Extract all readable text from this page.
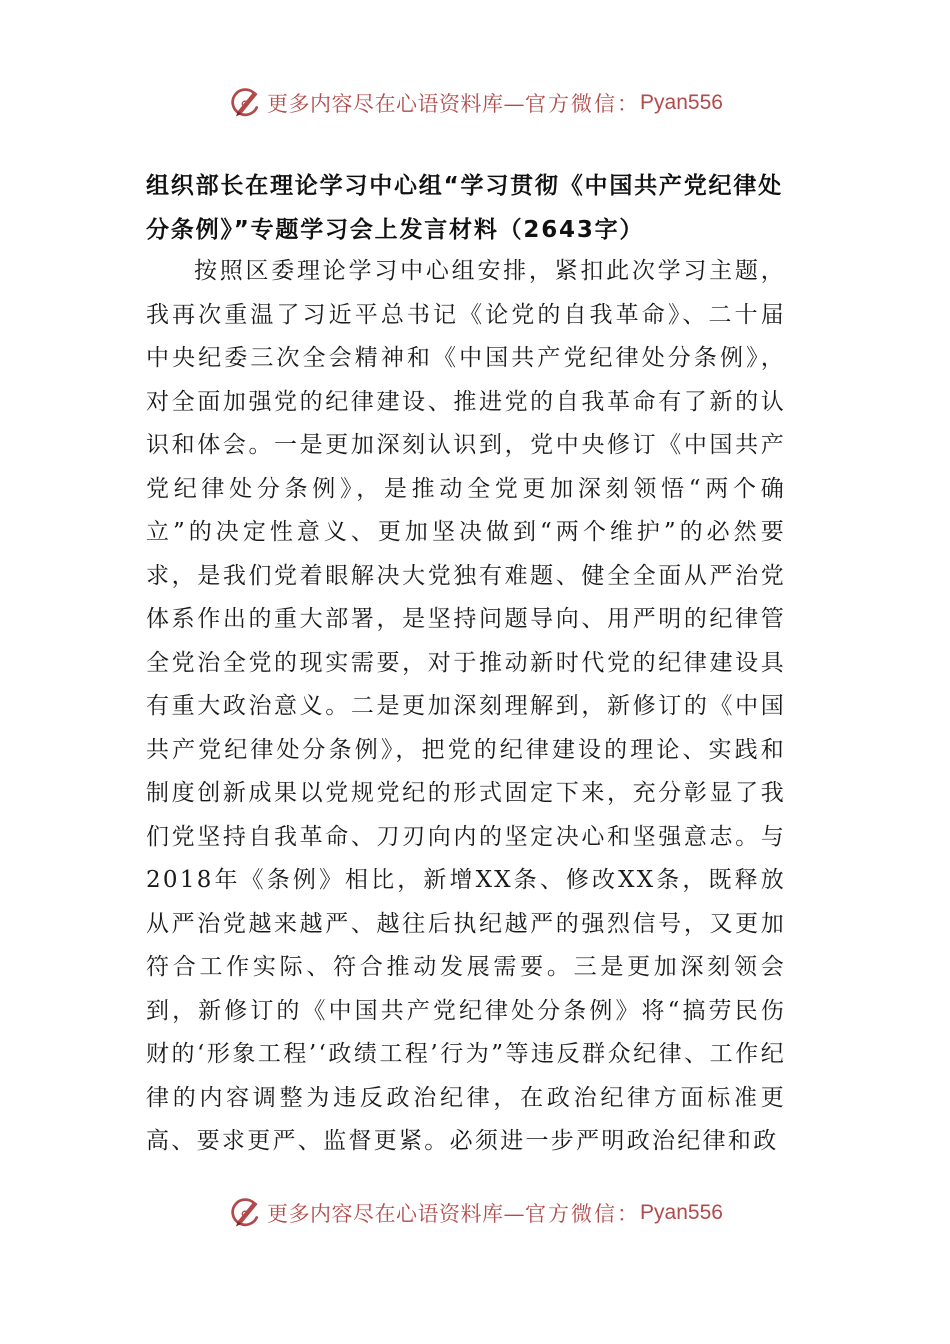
更多内容尽在心语资料库— 官方微信： Pyan556
组织部长在理论学习中心组“学习贯彻《中国共产党纪律处分条例》”专题学习会上发言材料（2643字）

按照区委理论学习中心组安排，紧扣此次学习主题，我再次重温了习近平总书记《论党的自我革命》、二十届中央纪委三次全会精神和《中国共产党纪律处分条例》，对全面加强党的纪律建设、推进党的自我革命有了新的认识和体会。一是更加深刻认识到，党中央修订《中国共产党纪律处分条例》，是推动全党更加深刻领悟“两个确立”的决定性意义、更加坚决做到“两个维护”的必然要求，是我们党着眼解决大党独有难题、健全全面从严治党体系作出的重大部署，是坚持问题导向、用严明的纪律管全党治全党的现实需要，对于推动新时代党的纪律建设具有重大政治意义。二是更加深刻理解到，新修订的《中国共产党纪律处分条例》，把党的纪律建设的理论、实践和制度创新成果以党规党纪的形式固定下来，充分彰显了我们党坚持自我革命、刀刃向内的坚定决心和坚强意志。与2018年《条例》相比，新增XX条、修改XX条，既释放从严治党越来越严、越往后执纪越严的强烈信号，又更加符合工作实际、符合推动发展需要。三是更加深刻领会到，新修订的《中国共产党纪律处分条例》将“搞劳民伤财的‘形象工程’‘政绩工程’行为”等违反群众纪律、工作纪律的内容调整为违反政治纪律，在政治纪律方面标准更高、要求更严、监督更紧。必须进一步严明政治纪律和政

更多内容尽在心语资料库— 官方微信： Pyan556
